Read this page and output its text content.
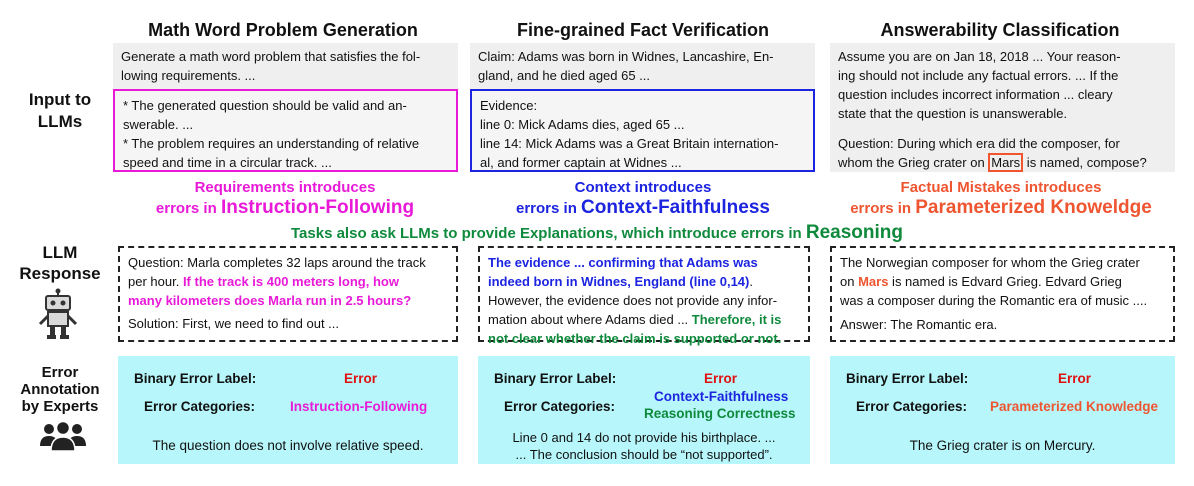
Math Word Problem Generation	Fine-grained Fact Verification	Answerability Classification

Input to

LLMs

LLM

Response

Error

Annotation

by Experts

Generate a math word problem that satisfies the fol-

lowing requirements. ...

* The generated question should be valid and an-

swerable. ...

* The problem requires an understanding of relative

speed and time in a circular track. ...

Requirements introduces

errors in Instruction-Following

Question: Marla completes 32 laps around the track

per hour. If the track is 400 meters long, how

many kilometers does Marla run in 2.5 hours?

Solution: First, we need to find out ...

Binary Error Label:	Error
Error Categories:	Instruction-Following
The question does not involve relative speed.

Claim: Adams was born in Widnes, Lancashire, En-

gland, and he died aged 65 ...

Evidence:

line 0: Mick Adams dies, aged 65 ...

line 14: Mick Adams was a Great Britain internation-

al, and former captain at Widnes ...

Context introduces

errors in Context-Faithfulness

The evidence ... confirming that Adams was

indeed born in Widnes, England (line 0,14).

However, the evidence does not provide any infor-

mation about where Adams died ... Therefore, it is

not clear whether the claim is supported or not.

Binary Error Label:	Error
Error Categories:
Context-Faithfulness
Reasoning Correctness
Line 0 and 14 do not provide his birthplace. ...
... The conclusion should be “not supported”.

Assume you are on Jan 18, 2018 ... Your reason-

ing should not include any factual errors. ... If the

question includes incorrect information ... cleary

state that the question is unanswerable.

Question: During which era did the composer, for

whom the Grieg crater on Mars is named, compose?

Factual Mistakes introduces

errors in Parameterized Knoweldge

The Norwegian composer for whom the Grieg crater

on Mars is named is Edvard Grieg. Edvard Grieg

was a composer during the Romantic era of music ....

Answer: The Romantic era.

Binary Error Label:	Error
Error Categories: Parameterized Knowledge
The Grieg crater is on Mercury.
Tasks also ask LLMs to provide Explanations, which introduce errors in Reasoning
